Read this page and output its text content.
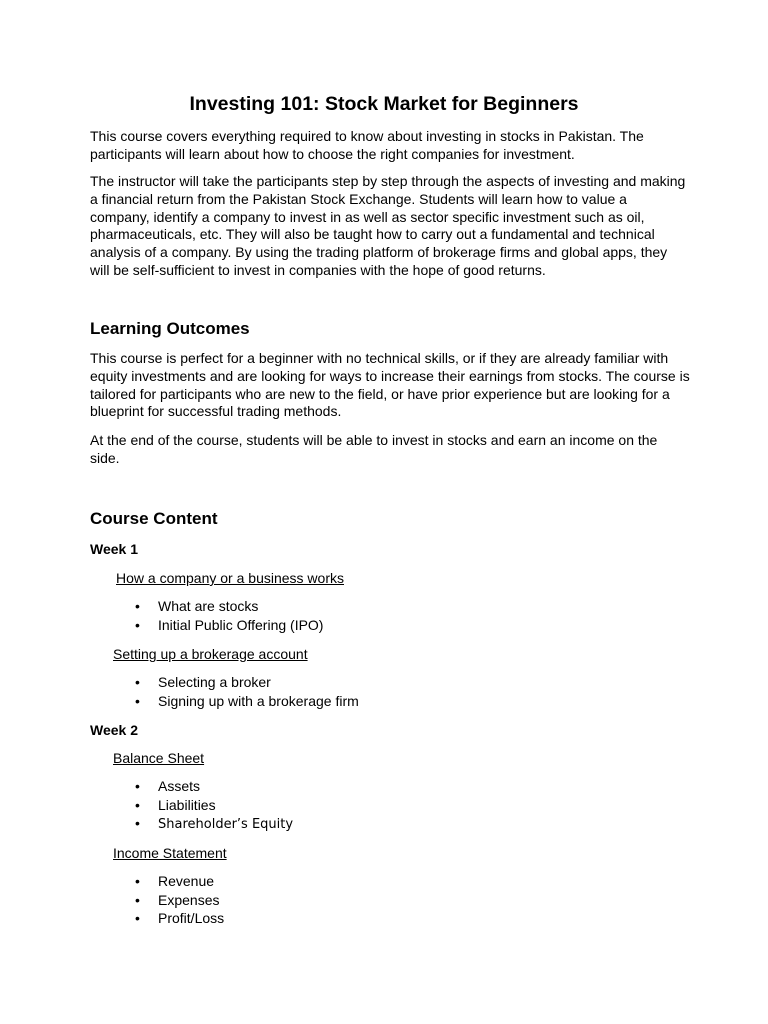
Investing 101: Stock Market for Beginners

This course covers everything required to know about investing in stocks in Pakistan. The participants will learn about how to choose the right companies for investment.

The instructor will take the participants step by step through the aspects of investing and making a financial return from the Pakistan Stock Exchange. Students will learn how to value a company, identify a company to invest in as well as sector specific investment such as oil, pharmaceuticals, etc. They will also be taught how to carry out a fundamental and technical analysis of a company. By using the trading platform of brokerage firms and global apps, they will be self-sufficient to invest in companies with the hope of good returns.

Learning Outcomes

This course is perfect for a beginner with no technical skills, or if they are already familiar with equity investments and are looking for ways to increase their earnings from stocks. The course is tailored for participants who are new to the field, or have prior experience but are looking for a blueprint for successful trading methods.

At the end of the course, students will be able to invest in stocks and earn an income on the side.

Course Content
Week 1

How a company or a business works

• What are stocks
• Initial Public Offering (IPO)

Setting up a brokerage account

• Selecting a broker
• Signing up with a brokerage firm
Week 2

Balance Sheet

• Assets
• Liabilities
• Shareholder’s Equity

Income Statement

• Revenue
• Expenses
• Profit/Loss
